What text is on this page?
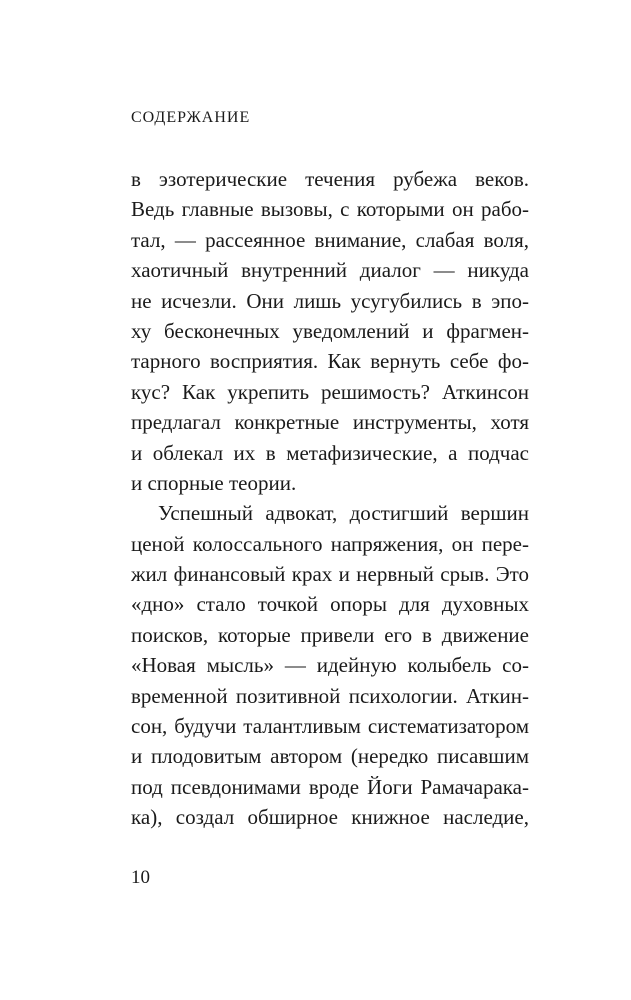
СОДЕРЖАНИЕ
в эзотерические течения рубежа веков.
Ведь главные вызовы, с которыми он рабо-
тал, — рассеянное внимание, слабая воля,
хаотичный внутренний диалог — никуда
не исчезли. Они лишь усугубились в эпо-
ху бесконечных уведомлений и фрагмен-
тарного восприятия. Как вернуть себе фо-
кус? Как укрепить решимость? Аткинсон
предлагал конкретные инструменты, хотя
и облекал их в метафизические, а подчас
и спорные теории.
Успешный адвокат, достигший вершин
ценой колоссального напряжения, он пере-
жил финансовый крах и нервный срыв. Это
«дно» стало точкой опоры для духовных
поисков, которые привели его в движение
«Новая мысль» — идейную колыбель со-
временной позитивной психологии. Аткин-
сон, будучи талантливым систематизатором
и плодовитым автором (нередко писавшим
под псевдонимами вроде Йоги Рамачарака-
ка), создал обширное книжное наследие,
10
